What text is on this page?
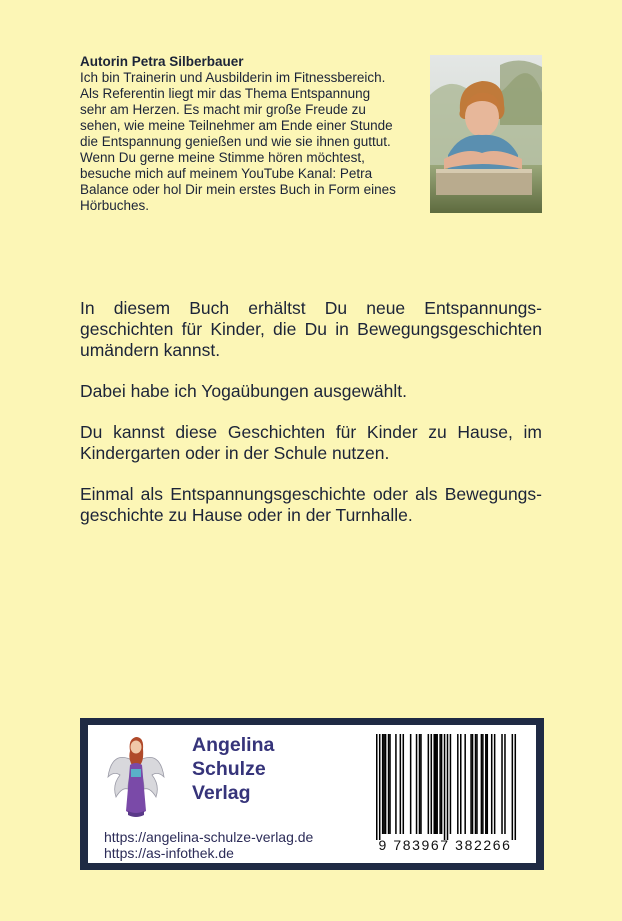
Autorin Petra Silberbauer
Ich bin Trainerin und Ausbilderin im Fitnessbereich.
Als Referentin liegt mir das Thema Entspannung
sehr am Herzen. Es macht mir große Freude zu
sehen, wie meine Teilnehmer am Ende einer Stunde
die Entspannung genießen und wie sie ihnen guttut.
Wenn Du gerne meine Stimme hören möchtest,
besuche mich auf meinem YouTube Kanal: Petra
Balance oder hol Dir mein erstes Buch in Form eines
Hörbuches.

In diesem Buch erhältst Du neue Entspannungs-
geschichten für Kinder, die Du in Bewegungsgeschichten
umändern kannst.

Dabei habe ich Yogaübungen ausgewählt.

Du kannst diese Geschichten für Kinder zu Hause, im
Kindergarten oder in der Schule nutzen.

Einmal als Entspannungsgeschichte oder als Bewegungs-
geschichte zu Hause oder in der Turnhalle.

Angelina
Schulze
Verlag
https://angelina-schulze-verlag.de
https://as-infothek.de	9 783967 382266
